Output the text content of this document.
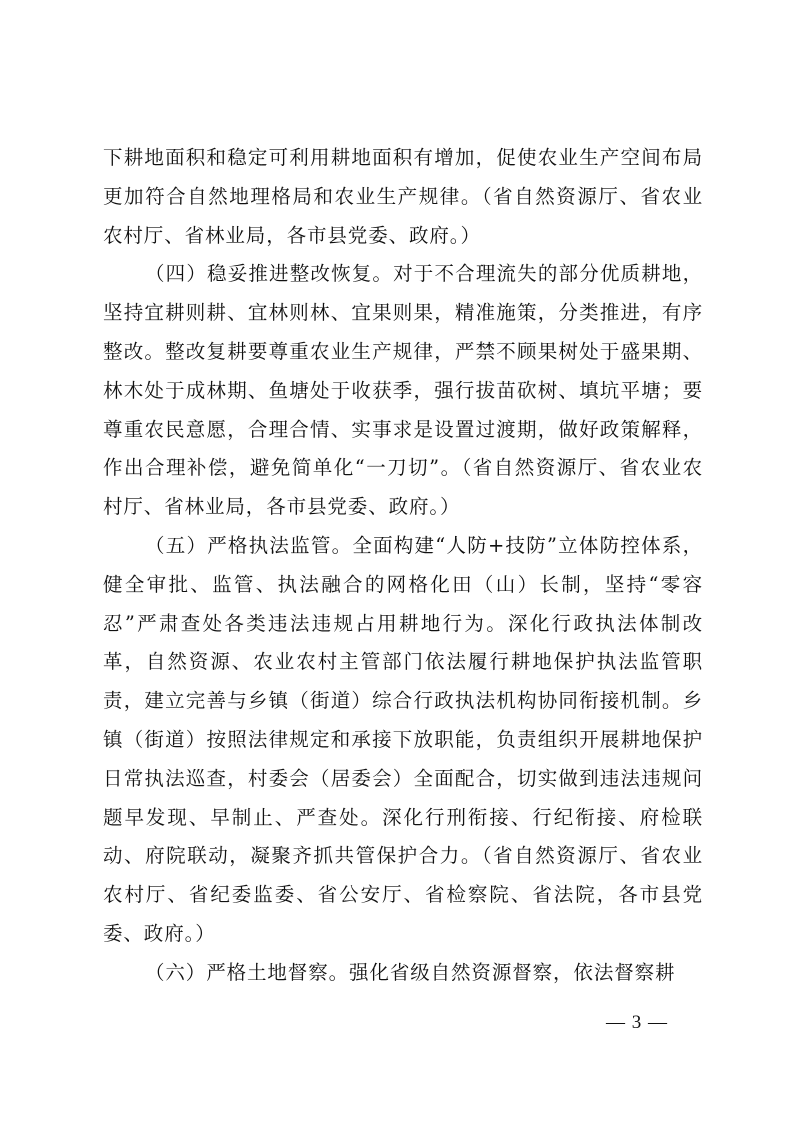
下耕地面积和稳定可利用耕地面积有增加，促使农业生产空间布局更加符合自然地理格局和农业生产规律。（省自然资源厅、省农业农村厅、省林业局，各市县党委、政府。）

（四）稳妥推进整改恢复。对于不合理流失的部分优质耕地，坚持宜耕则耕、宜林则林、宜果则果，精准施策，分类推进，有序整改。整改复耕要尊重农业生产规律，严禁不顾果树处于盛果期、林木处于成林期、鱼塘处于收获季，强行拔苗砍树、填坑平塘；要尊重农民意愿，合理合情、实事求是设置过渡期，做好政策解释，作出合理补偿，避免简单化“一刀切”。（省自然资源厅、省农业农村厅、省林业局，各市县党委、政府。）

（五）严格执法监管。全面构建“人防+技防”立体防控体系，健全审批、监管、执法融合的网格化田（山）长制，坚持“零容忍”严肃查处各类违法违规占用耕地行为。深化行政执法体制改革，自然资源、农业农村主管部门依法履行耕地保护执法监管职责，建立完善与乡镇（街道）综合行政执法机构协同衔接机制。乡镇（街道）按照法律规定和承接下放职能，负责组织开展耕地保护日常执法巡查，村委会（居委会）全面配合，切实做到违法违规问题早发现、早制止、严查处。深化行刑衔接、行纪衔接、府检联动、府院联动，凝聚齐抓共管保护合力。（省自然资源厅、省农业农村厅、省纪委监委、省公安厅、省检察院、省法院，各市县党委、政府。）

（六）严格土地督察。强化省级自然资源督察，依法督察耕

— 3 —
